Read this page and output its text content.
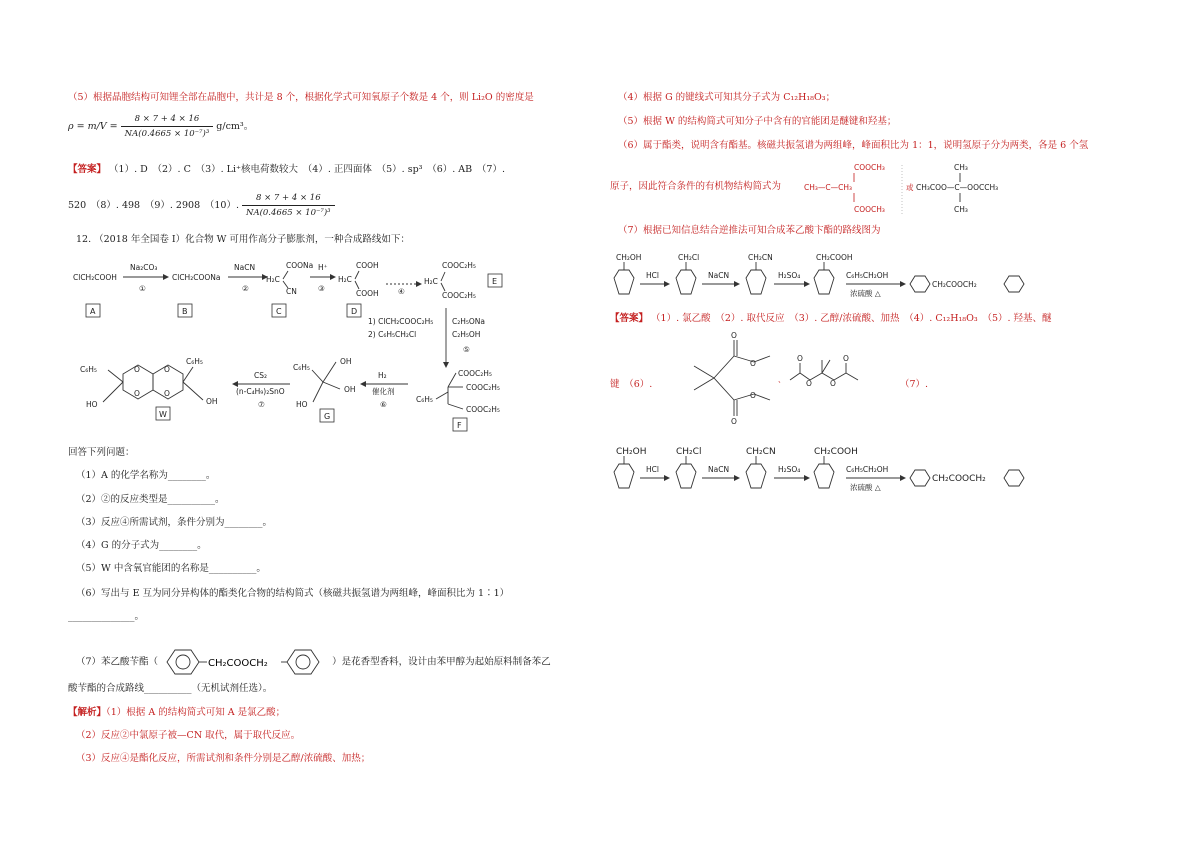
（5）根据晶胞结构可知锂全部在晶胞中，共计是 8 个，根据化学式可知氧原子个数是 4 个，则 Li₂O 的密度是
$\rho = m/V = \frac{8 \times 7 + 4 \times 16}{\text{NA(0.4665 × 10⁻⁷)³}} g/cm^3$。
【答案】 （1）. D　（2）. C　（3）. Li⁺核电荷数较大　（4）. 正四面体　（5）. sp³　（6）. AB　（7）.
520　（8）. 498　（9）. 2908　（10）. $\frac{8 \times 7 + 4 \times 16}{\text{NA(0.4665 × 10⁻⁷)³}}$
12. （2018 年全国卷 I）化合物 W 可用作高分子膨胀剂，一种合成路线如下：
ClCH₂COOH
Na₂CO₃
①
ClCH₂COONa
NaCN
②
COONa
H₂C
CN
H⁺
③
COOH
H₂C
COOH	④
COOC₂H₅
H₂C
COOC₂H₅
A	B	C	D
E
1) ClCH₂COOC₂H₅
2) C₆H₅CH₂Cl
C₂H₅ONa
C₂H₅OH
⑤
COOC₂H₅
COOC₂H₅
COOC₂H₅
C₆H₅
F
H₂
催化剂
⑥
C₆H₅
OH
OH
HO
G
CS₂
(n-C₄H₉)₂SnO
⑦
C₆H₅
C₆H₅
HO	OH
O	O
O	O
W
回答下列问题：
（1）A 的化学名称为________。
（2）②的反应类型是__________。
（3）反应④所需试剂，条件分别为________。
（4）G 的分子式为________。
（5）W 中含氧官能团的名称是__________。
（6）写出与 E 互为同分异构体的酯类化合物的结构简式（核磁共振氢谱为两组峰，峰面积比为 1∶1）
______________。
（7）苯乙酸苄酯（	CH₂COOCH₂	）是花香型香料，设计由苯甲醇为起始原料制备苯乙
酸苄酯的合成路线__________（无机试剂任选）。
【解析】（1）根据 A 的结构简式可知 A 是氯乙酸；
（2）反应②中氯原子被—CN 取代，属于取代反应。
（3）反应④是酯化反应，所需试剂和条件分别是乙醇/浓硫酸、加热；
（4）根据 G 的键线式可知其分子式为 C₁₂H₁₈O₃；
（5）根据 W 的结构简式可知分子中含有的官能团是醚键和羟基；
（6）属于酯类，说明含有酯基。核磁共振氢谱为两组峰，峰面积比为 1：1，说明氢原子分为两类，各是 6 个氢
原子，因此符合条件的有机物结构简式为
COOCH₃
CH₃—C—CH₃
COOCH₃
或
CH₃
CH₃COO—C—OOCCH₃
CH₃
（7）根据已知信息结合逆推法可知合成苯乙酸卞酯的路线图为
CH₂OH
HCl
CH₂Cl
NaCN
CH₂CN
H₂SO₄
CH₂COOH
C₆H₅CH₂OH
浓硫酸 △
CH₂COOCH₂
【答案】 （1）. 氯乙酸　（2）. 取代反应　（3）. 乙醇/浓硫酸、加热　（4）. C₁₂H₁₈O₃　（5）. 羟基、醚
键　（6）.
O
O
O
O
、	O O
O	O
（7）.
CH₂OH
HCl
CH₂Cl
NaCN
CH₂CN
H₂SO₄
CH₂COOH
C₆H₅CH₂OH
浓硫酸 △
CH₂COOCH₂
